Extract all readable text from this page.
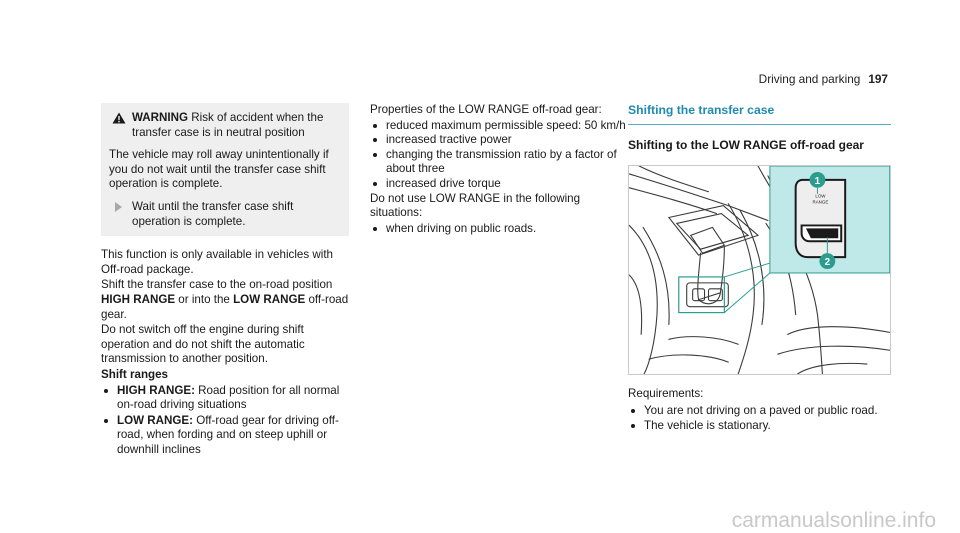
Driving and parking 197
WARNING Risk of accident when the transfer case is in neutral position

The vehicle may roll away unintentionally if you do not wait until the transfer case shift operation is complete.

Wait until the transfer case shift operation is complete.

This function is only available in vehicles with Off-road package.

Shift the transfer case to the on-road position HIGH RANGE or into the LOW RANGE off-road gear.

Do not switch off the engine during shift operation and do not shift the automatic transmission to another position.

Shift ranges

HIGH RANGE: Road position for all normal on-road driving situations
LOW RANGE: Off-road gear for driving off-road, when fording and on steep uphill or downhill inclines

Properties of the LOW RANGE off-road gear:

reduced maximum permissible speed: 50 km/h
increased tractive power
changing the transmission ratio by a factor of about three
increased drive torque

Do not use LOW RANGE in the following situations:

when driving on public roads.
Shifting the transfer case
Shifting to the LOW RANGE off-road gear
LOW
RANGE
1
2

Requirements:

You are not driving on a paved or public road.
The vehicle is stationary.
carmanualsonline.info
